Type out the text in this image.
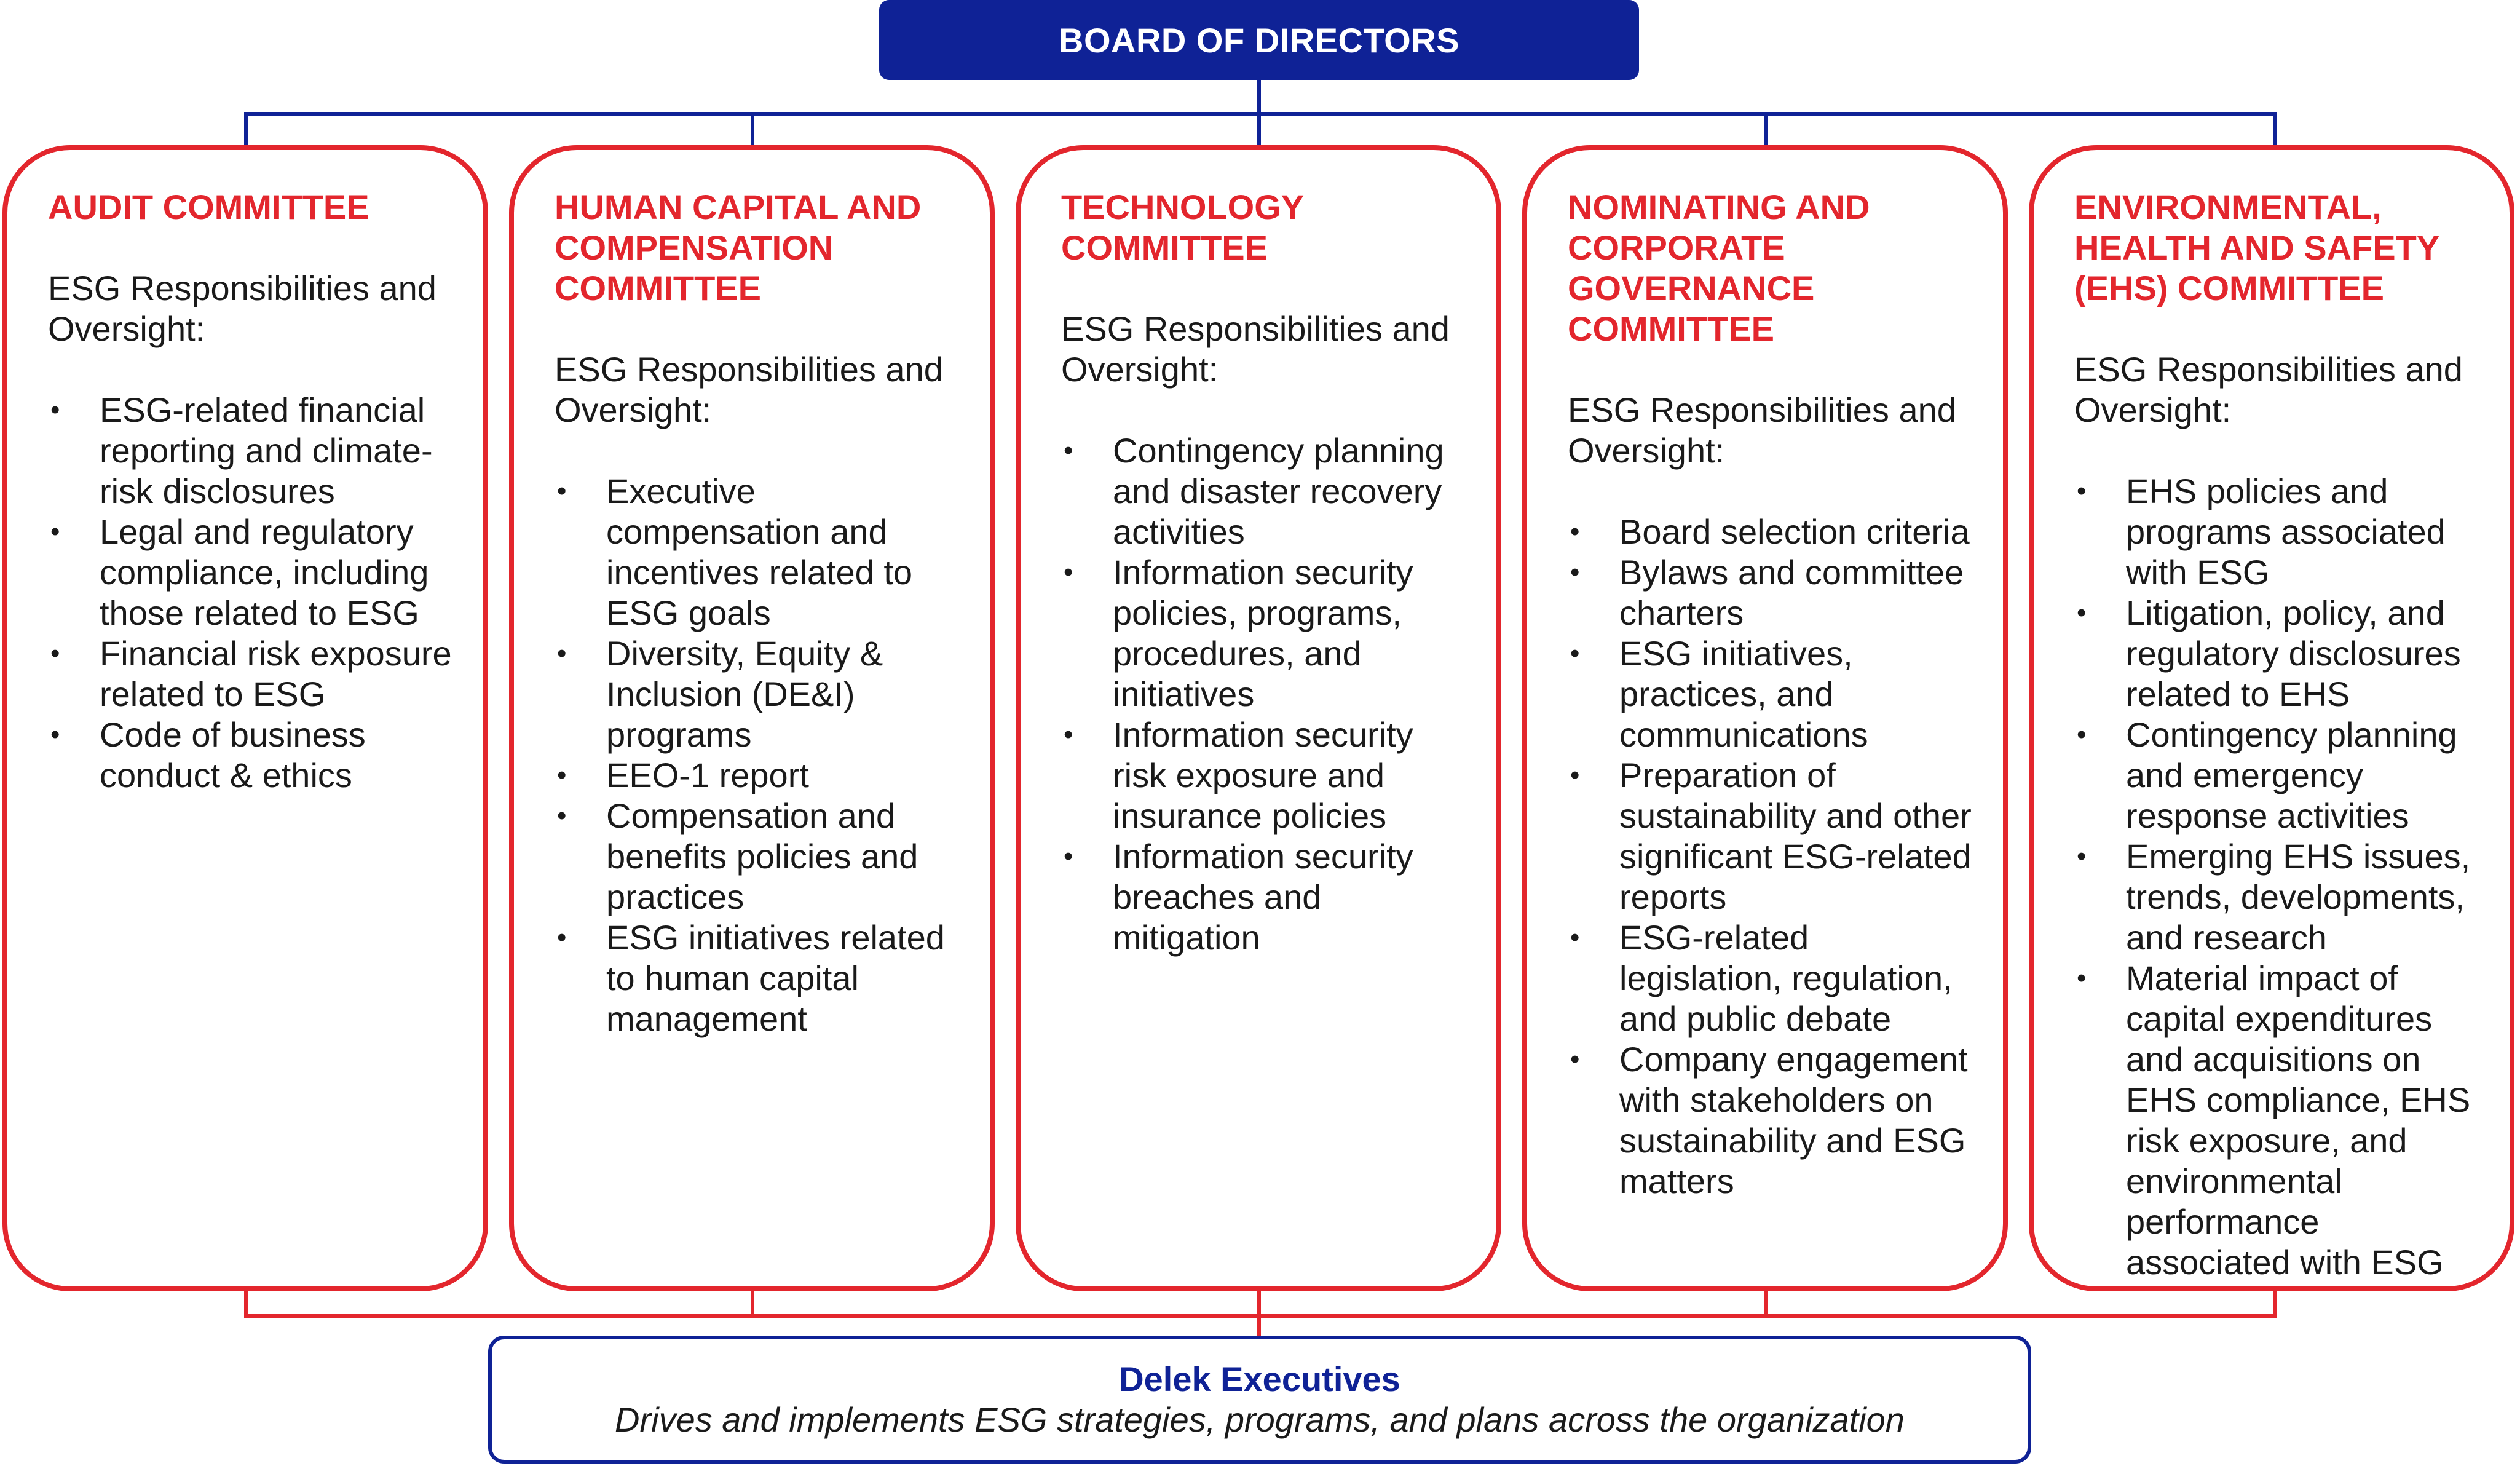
BOARD OF DIRECTORS

AUDIT COMMITTEE

ESG Responsibilities and Oversight:

• ESG-related financial reporting and climate-risk disclosures
• Legal and regulatory compliance, including those related to ESG
• Financial risk exposure related to ESG
• Code of business conduct & ethics

HUMAN CAPITAL AND COMPENSATION COMMITTEE

ESG Responsibilities and Oversight:

• Executive compensation and incentives related to ESG goals
• Diversity, Equity & Inclusion (DE&I) programs
• EEO-1 report
• Compensation and benefits policies and practices
• ESG initiatives related to human capital management

TECHNOLOGY COMMITTEE

ESG Responsibilities and Oversight:

• Contingency planning and disaster recovery activities
• Information security policies, programs, procedures, and initiatives
• Information security risk exposure and insurance policies
• Information security breaches and mitigation

NOMINATING AND CORPORATE GOVERNANCE COMMITTEE

ESG Responsibilities and Oversight:

• Board selection criteria
• Bylaws and committee charters
• ESG initiatives, practices, and communications
• Preparation of sustainability and other significant ESG-related reports
• ESG-related legislation, regulation, and public debate
• Company engagement with stakeholders on sustainability and ESG matters

ENVIRONMENTAL, HEALTH AND SAFETY (EHS) COMMITTEE

ESG Responsibilities and Oversight:

• EHS policies and programs associated with ESG
• Litigation, policy, and regulatory disclosures related to EHS
• Contingency planning and emergency response activities
• Emerging EHS issues, trends, developments, and research
• Material impact of capital expenditures and acquisitions on EHS compliance, EHS risk exposure, and environmental performance associated with ESG
Delek Executives
Drives and implements ESG strategies, programs, and plans across the organization
